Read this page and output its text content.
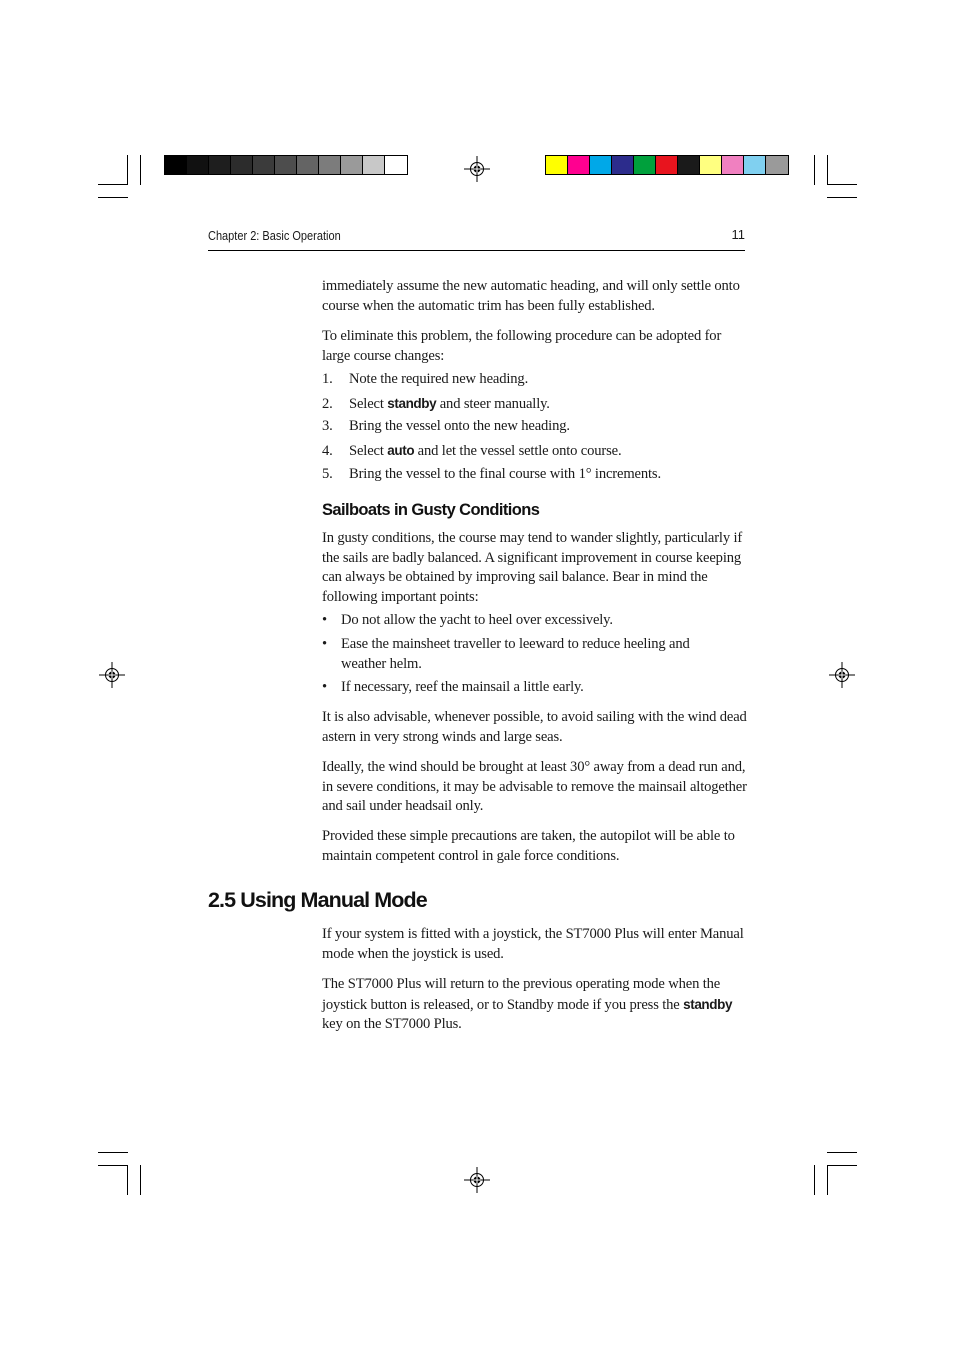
Chapter 2: Basic Operation	11

immediately assume the new automatic heading, and will only settle onto course when the automatic trim has been fully established.

To eliminate this problem, the following procedure can be adopted for large course changes:

1. Note the required new heading.
2. Select standby and steer manually.
3. Bring the vessel onto the new heading.
4. Select auto and let the vessel settle onto course.
5. Bring the vessel to the final course with 1° increments.
Sailboats in Gusty Conditions

In gusty conditions, the course may tend to wander slightly, particularly if the sails are badly balanced. A significant improvement in course keeping can always be obtained by improving sail balance. Bear in mind the following important points:

• Do not allow the yacht to heel over excessively.
• Ease the mainsheet traveller to leeward to reduce heeling and weather helm.
• If necessary, reef the mainsail a little early.

It is also advisable, whenever possible, to avoid sailing with the wind dead astern in very strong winds and large seas.

Ideally, the wind should be brought at least 30° away from a dead run and, in severe conditions, it may be advisable to remove the mainsail altogether and sail under headsail only.

Provided these simple precautions are taken, the autopilot will be able to maintain competent control in gale force conditions.

2.5 Using Manual Mode

If your system is fitted with a joystick, the ST7000 Plus will enter Manual mode when the joystick is used.

The ST7000 Plus will return to the previous operating mode when the joystick button is released, or to Standby mode if you press the standby key on the ST7000 Plus.
